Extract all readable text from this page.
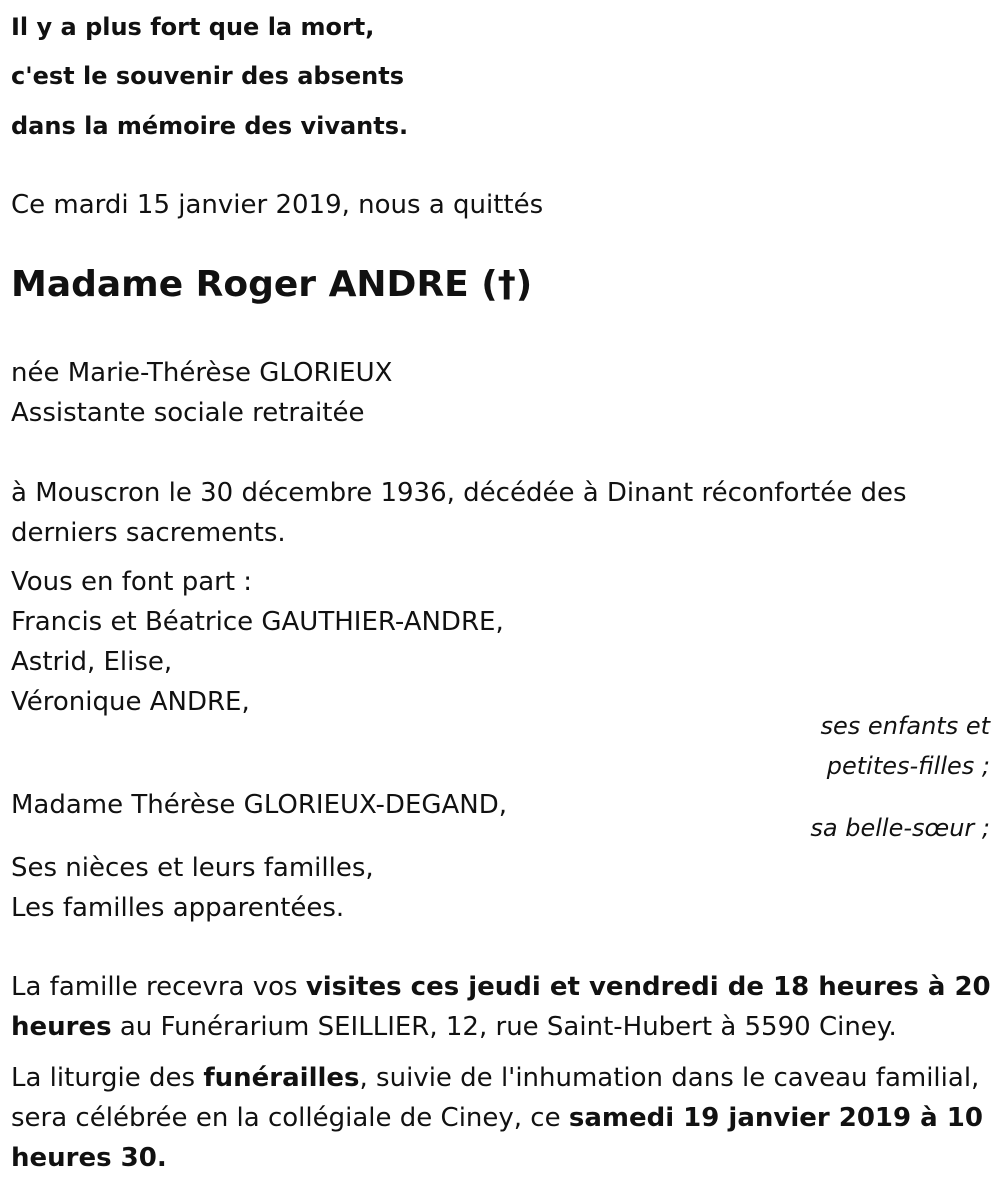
Il y a plus fort que la mort,
c'est le souvenir des absents
dans la mémoire des vivants.
Ce mardi 15 janvier 2019, nous a quittés
Madame Roger ANDRE (†)
née Marie-Thérèse GLORIEUX
Assistante sociale retraitée
à Mouscron le 30 décembre 1936, décédée à Dinant réconfortée des
derniers sacrements.
Vous en font part :
Francis et Béatrice GAUTHIER-ANDRE,
Astrid, Elise,
Véronique ANDRE,
ses enfants et
petites-filles ;
Madame Thérèse GLORIEUX-DEGAND,
sa belle-sœur ;
Ses nièces et leurs familles,
Les familles apparentées.
La famille recevra vos visites ces jeudi et vendredi de 18 heures à 20
heures au Funérarium SEILLIER, 12, rue Saint-Hubert à 5590 Ciney.
La liturgie des funérailles, suivie de l'inhumation dans le caveau familial,
sera célébrée en la collégiale de Ciney, ce samedi 19 janvier 2019 à 10
heures 30.
